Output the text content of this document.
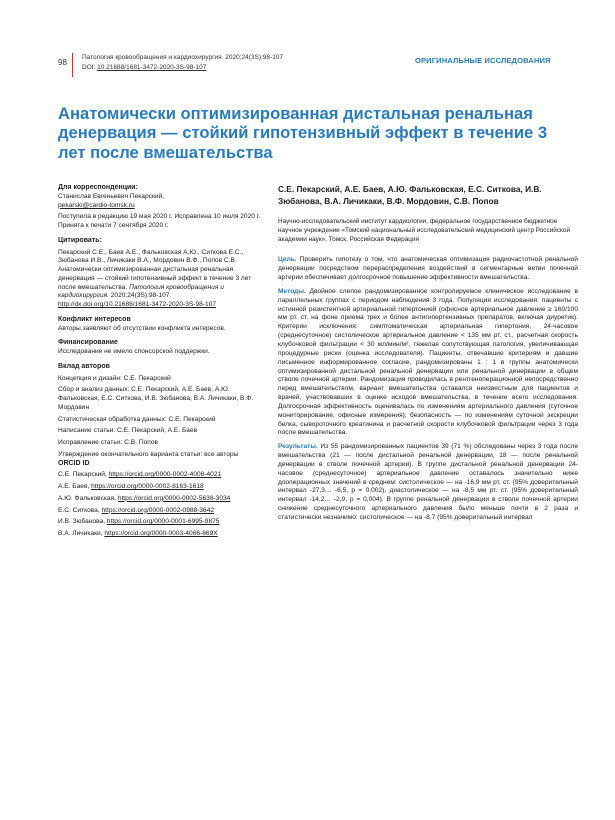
98
Патология кровообращения и кардиохирургия. 2020;24(3S):98-107
DOI: 10.21688/1681-3472-2020-3S-98-107
ОРИГИНАЛЬНЫЕ ИССЛЕДОВАНИЯ
Анатомически оптимизированная дистальная ренальная денервация — стойкий гипотензивный эффект в течение 3 лет после вмешательства

Для корреспонденции:

Станислав Евгеньевич Пекарский,

pekarski@cardio-tomsk.ru

Поступила в редакцию 19 мая 2020 г. Исправлена 10 июля 2020 г. Принята к печати 7 сентября 2020 г.

Цитировать:

Пекарский С.Е., Баев А.Е., Фальковская А.Ю., Ситкова Е.С., Зюбанова И.В., Личикаки В.А., Мордовин В.Ф., Попов С.В. Анатомически оптимизированная дистальная ренальная денервация — стойкий гипотензивный эффект в течение 3 лет после вмешательства. Патология кровообращения и кардиохирургия. 2020;24(3S):98-107. http://dx.doi.org/10.21688/1681-3472-2020-3S-98-107

Конфликт интересов

Авторы заявляют об отсутствии конфликта интересов.

Финансирование

Исследование не имело спонсорской поддержки.

Вклад авторов

Концепция и дизайн: С.Е. Пекарский

Сбор и анализ данных: С.Е. Пекарский, А.Е. Баев, А.Ю. Фальковская, Е.С. Ситкова, И.В. Зюбанова, В.А. Личикаки, В.Ф. Мордовин

Статистическая обработка данных: С.Е. Пекарский

Написание статьи: С.Е. Пекарский, А.Е. Баев

Исправление статьи: С.В. Попов

Утверждение окончательного варианта статьи: все авторы

ORCID ID

С.Е. Пекарский, https://orcid.org/0000-0002-4008-4021

А.Е. Баев, https://orcid.org/0000-0002-8163-1618

А.Ю. Фальковская, https://orcid.org/0000-0002-5638-3034

Е.С. Ситкова, https://orcid.org/0000-0002-0988-3642

И.В. Зюбанова, https://orcid.org/0000-0001-6995-9875

В.А. Личикаки, https://orcid.org/0000-0003-4066-869X

С.Е. Пекарский, А.Е. Баев, А.Ю. Фальковская, Е.С. Ситкова, И.В. Зюбанова, В.А. Личикаки, В.Ф. Мордовин, С.В. Попов

Научно-исследовательский институт кардиологии, федеральное государственное бюджетное научное учреждение «Томский национальный исследовательский медицинский центр Российской академии наук», Томск, Российская Федерация

Цель. Проверить гипотезу о том, что анатомическая оптимизация радиочастотной ренальной денервации посредством перераспределения воздействий в сегментарные ветви почечной артерии обеспечивает долгосрочное повышение эффективности вмешательства.

Методы. Двойное слепое рандомизированное контролируемое клиническое исследование в параллельных группах с периодом наблюдения 3 года. Популяция исследования: пациенты с истинной резистентной артериальной гипертонией (офисное артериальное давление ≥ 160/100 мм рт. ст. на фоне приема трех и более антигипертензивных препаратов, включая диуретик). Критерии исключения: симптоматическая артериальная гипертония, 24-часовое (среднесуточное) систолическое артериальное давление < 135 мм рт. ст., расчетная скорость клубочковой фильтрации < 30 мл/мин/м², тяжелая сопутствующая патология, увеличивающая процедурные риски (оценка исследователя). Пациенты, отвечавшие критериям и давшие письменное информированное согласие, рандомизированы 1 : 1 в группы анатомически оптимизированной дистальной ренальной денервации или ренальной денервации в общем стволе почечной артерии. Рандомизация проводилась в рентгеноперационной непосредственно перед вмешательством, вариант вмешательства оставался неизвестным для пациентов и врачей, участвовавших в оценке исходов вмешательства, в течение всего исследования. Долгосрочная эффективность оценивалась по изменениям артериального давления (суточное мониторирование, офисные измерения); безопасность — по изменениям суточной экскреции белка, сывороточного креатинина и расчетной скорости клубочковой фильтрации через 3 года после вмешательства.

Результаты. Из 55 рандомизированных пациентов 39 (71 %) обследованы через 3 года после вмешательства (21 — после дистальной ренальной денервации, 18 — после ренальной денервации в стволе почечной артерии). В группе дистальной ренальной денервации 24-часовое (среднесуточное) артериальное давление оставалось значительно ниже дооперационных значений в среднем: систолическое — на -16,9 мм рт. ст. (95% доверительный интервал -27,3… -6,5, p = 0,002), диастолическое — на -8,5 мм рт. ст. (95% доверительный интервал -14,2… -2,9, p = 0,004). В группе ренальной денервации в стволе почечной артерии снижение среднесуточного артериального давления было меньше почти в 2 раза и статистически незначимо: систолическое — на -8,7 (95% доверительный интервал
